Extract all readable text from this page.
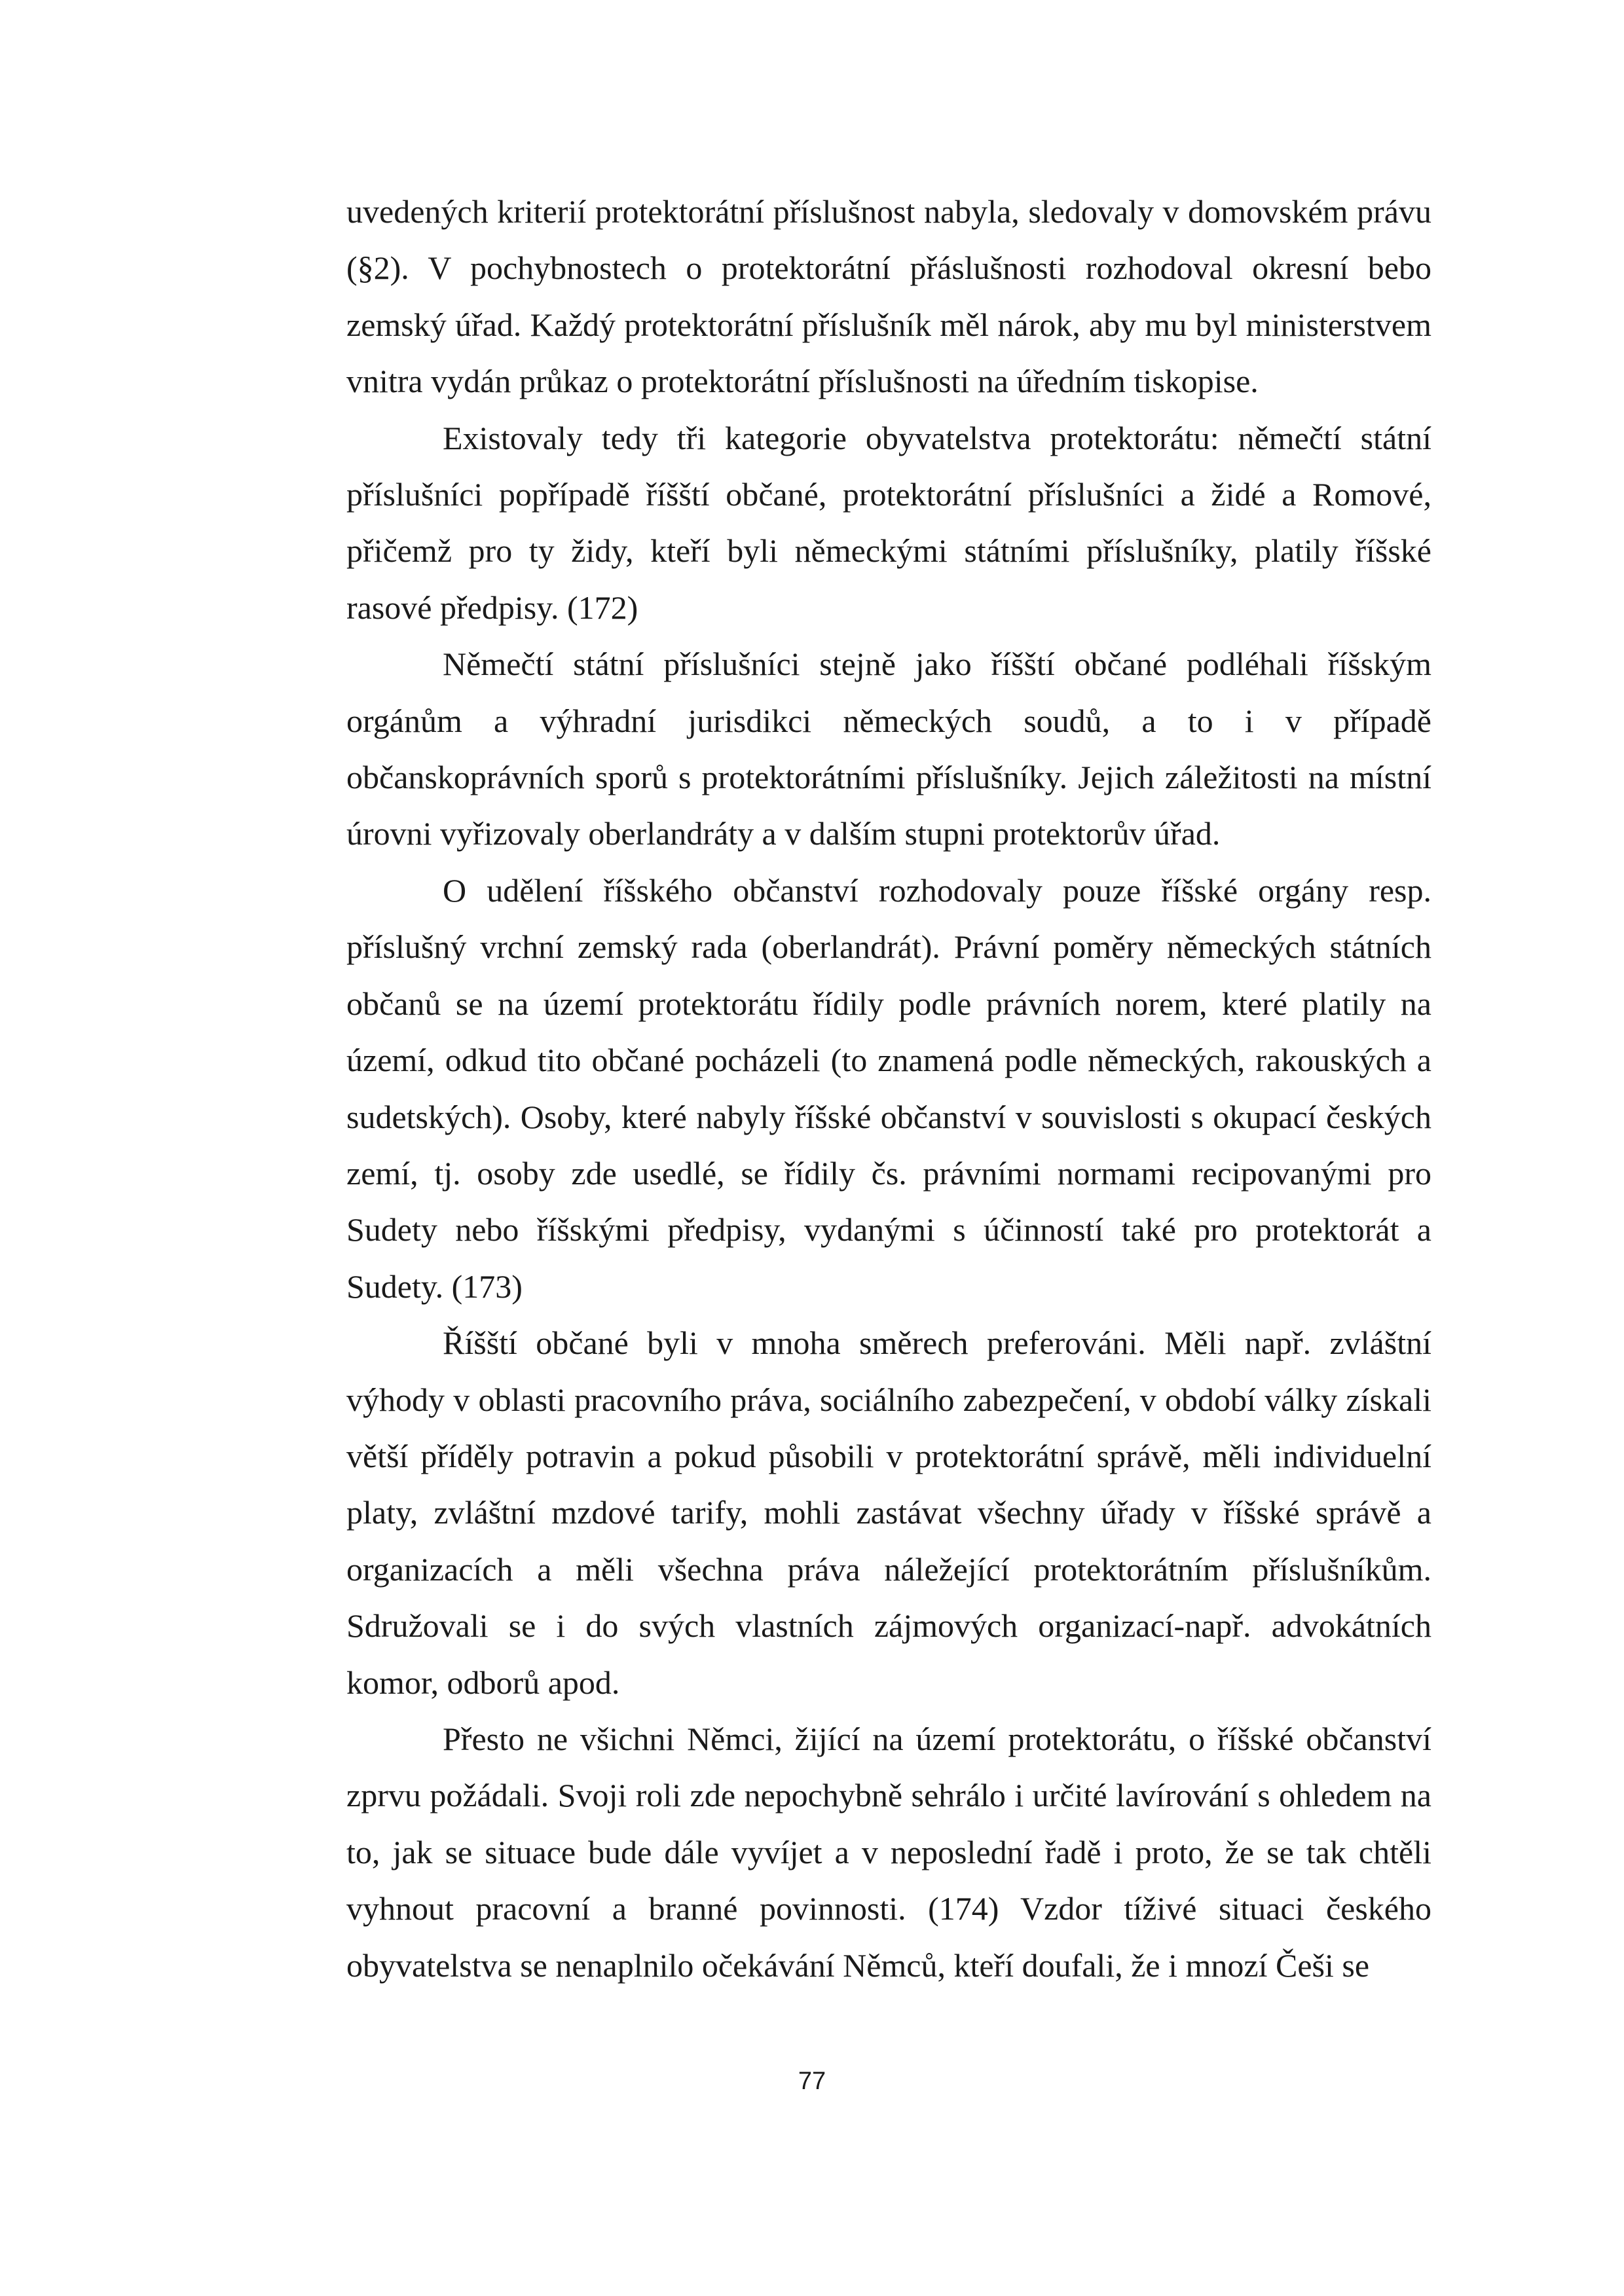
uvedených kriterií protektorátní příslušnost nabyla, sledovaly v domovském právu (§2). V pochybnostech o protektorátní přáslušnosti rozhodoval okresní bebo zemský úřad. Každý protektorátní příslušník měl nárok, aby mu byl ministerstvem vnitra vydán průkaz o protektorátní příslušnosti na úředním tiskopise.

Existovaly tedy tři kategorie obyvatelstva protektorátu: němečtí státní příslušníci popřípadě říšští občané, protektorátní příslušníci a židé a Romové, přičemž pro ty židy, kteří byli německými státními příslušníky, platily říšské rasové předpisy. (172)

Němečtí státní příslušníci stejně jako říšští občané podléhali říšským orgánům a výhradní jurisdikci německých soudů, a to i v případě občanskoprávních sporů s protektorátními příslušníky. Jejich záležitosti na místní úrovni vyřizovaly oberlandráty a v dalším stupni protektorův úřad.

O udělení říšského občanství rozhodovaly pouze říšské orgány resp. příslušný vrchní zemský rada (oberlandrát). Právní poměry německých státních občanů se na území protektorátu řídily podle právních norem, které platily na území, odkud tito občané pocházeli (to znamená podle německých, rakouských a sudetských). Osoby, které nabyly říšské občanství v souvislosti s okupací českých zemí, tj. osoby zde usedlé, se řídily čs. právními normami recipovanými pro Sudety nebo říšskými předpisy, vydanými s účinností také pro protektorát a Sudety. (173)

Říšští občané byli v mnoha směrech preferováni. Měli např. zvláštní výhody v oblasti pracovního práva, sociálního zabezpečení, v období války získali větší příděly potravin a pokud působili v protektorátní správě, měli individuelní platy, zvláštní mzdové tarify, mohli zastávat všechny úřady v říšské správě a organizacích a měli všechna práva náležející protektorátním příslušníkům. Sdružovali se i do svých vlastních zájmových organizací-např. advokátních komor, odborů apod.

Přesto ne všichni Němci, žijící na území protektorátu, o říšské občanství zprvu požádali. Svoji roli zde nepochybně sehrálo i určité lavírování s ohledem na to, jak se situace bude dále vyvíjet a v neposlední řadě i proto, že se tak chtěli vyhnout pracovní a branné povinnosti. (174) Vzdor tíživé situaci českého obyvatelstva se nenaplnilo očekávání Němců, kteří doufali, že i mnozí Češi se

77
